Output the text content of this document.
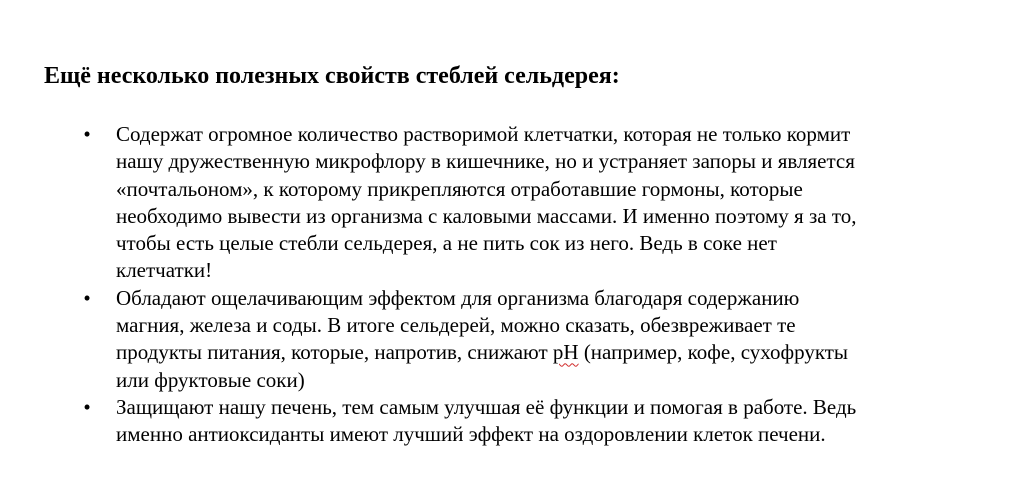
Ещё несколько полезных свойств стеблей сельдерея:
• Содержат огромное количество растворимой клетчатки, которая не только кормит
нашу дружественную микрофлору в кишечнике, но и устраняет запоры и является
«почтальоном», к которому прикрепляются отработавшие гормоны, которые
необходимо вывести из организма с каловыми массами. И именно поэтому я за то,
чтобы есть целые стебли сельдерея, а не пить сок из него. Ведь в соке нет
клетчатки!
• Обладают ощелачивающим эффектом для организма благодаря содержанию
магния, железа и соды. В итоге сельдерей, можно сказать, обезвреживает те
продукты питания, которые, напротив, снижают pH (например, кофе, сухофрукты
или фруктовые соки)
• Защищают нашу печень, тем самым улучшая её функции и помогая в работе. Ведь
именно антиоксиданты имеют лучший эффект на оздоровлении клеток печени.
